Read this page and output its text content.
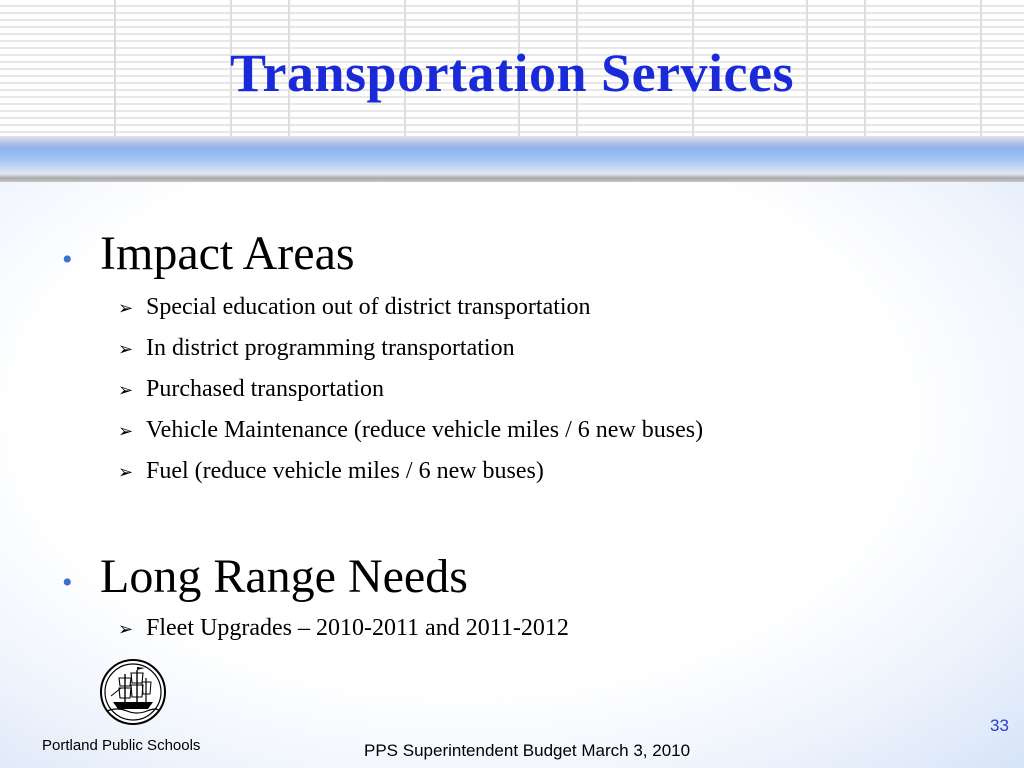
Transportation Services
• Impact Areas
➢ Special education out of district transportation
➢ In district programming transportation
➢ Purchased transportation
➢ Vehicle Maintenance (reduce vehicle miles / 6 new buses)
➢ Fuel (reduce vehicle miles / 6 new buses)
• Long Range Needs
➢ Fleet Upgrades – 2010-2011 and 2011-2012
Portland Public Schools	PPS Superintendent Budget March 3, 2010
33
